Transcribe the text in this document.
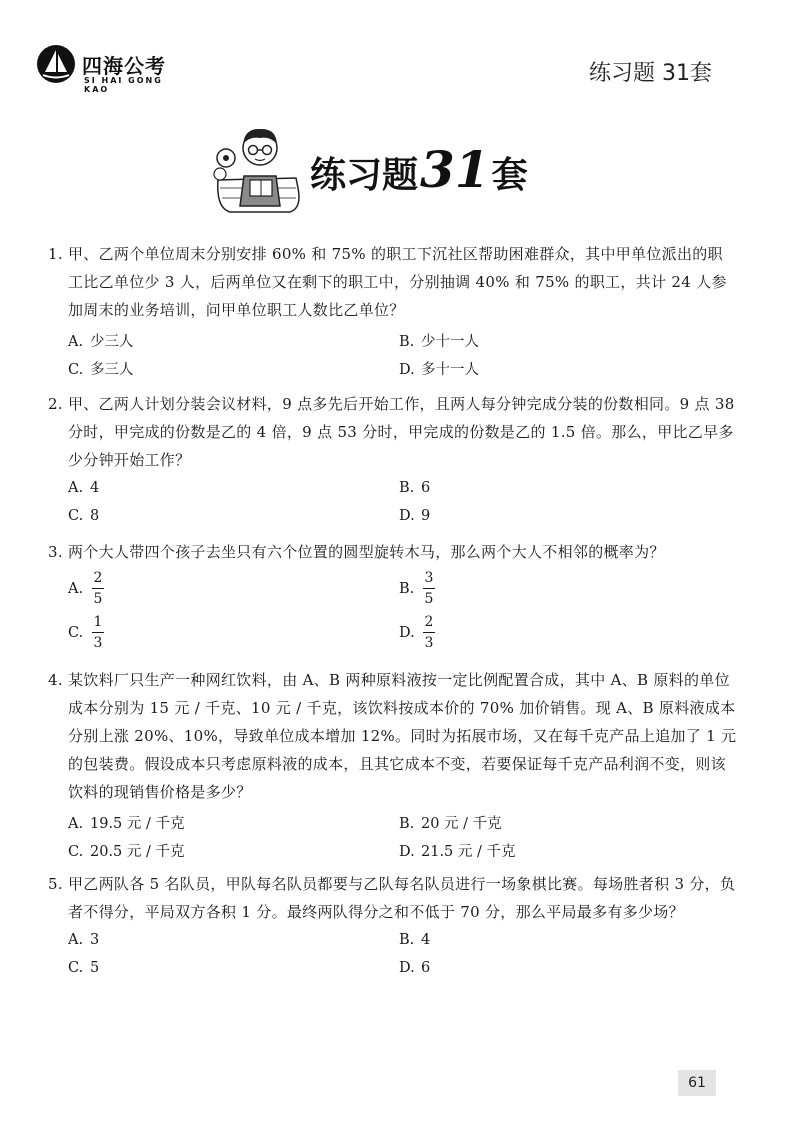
四海公考
SI HAI GONG KAO
练习题 31套
练习题31套
1. 甲、乙两个单位周末分别安排 60% 和 75% 的职工下沉社区帮助困难群众，其中甲单位派出的职工比乙单位少 3 人，后两单位又在剩下的职工中，分别抽调 40% 和 75% 的职工，共计 24 人参加周末的业务培训，问甲单位职工人数比乙单位？
A. 少三人	B. 少十一人
C. 多三人	D. 多十一人
2. 甲、乙两人计划分装会议材料，9 点多先后开始工作，且两人每分钟完成分装的份数相同。9 点 38 分时，甲完成的份数是乙的 4 倍，9 点 53 分时，甲完成的份数是乙的 1.5 倍。那么，甲比乙早多少分钟开始工作？
A. 4	B. 6
C. 8	D. 9
3. 两个大人带四个孩子去坐只有六个位置的圆型旋转木马，那么两个大人不相邻的概率为？
A. $\frac{2}{5}$	B. $\frac{3}{5}$
C. $\frac{1}{3}$	D. $\frac{2}{3}$
4. 某饮料厂只生产一种网红饮料，由 A、B 两种原料液按一定比例配置合成，其中 A、B 原料的单位成本分别为 15 元 / 千克、10 元 / 千克，该饮料按成本价的 70% 加价销售。现 A、B 原料液成本分别上涨 20%、10%，导致单位成本增加 12%。同时为拓展市场，又在每千克产品上追加了 1 元的包装费。假设成本只考虑原料液的成本，且其它成本不变，若要保证每千克产品利润不变，则该饮料的现销售价格是多少？
A. 19.5 元 / 千克	B. 20 元 / 千克
C. 20.5 元 / 千克	D. 21.5 元 / 千克
5. 甲乙两队各 5 名队员，甲队每名队员都要与乙队每名队员进行一场象棋比赛。每场胜者积 3 分，负者不得分，平局双方各积 1 分。最终两队得分之和不低于 70 分，那么平局最多有多少场？
A. 3	B. 4
C. 5	D. 6
61
